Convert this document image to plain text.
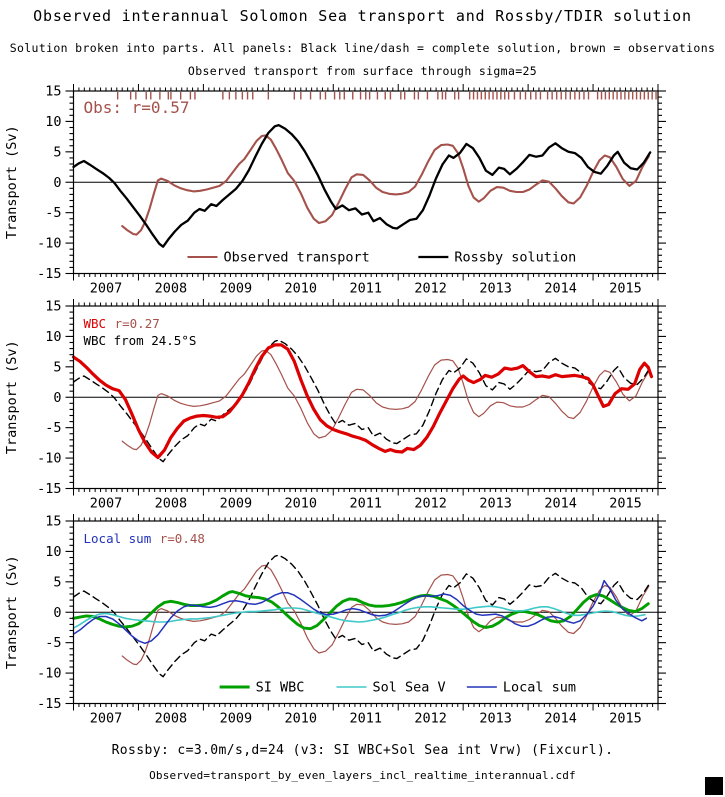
Observed interannual Solomon Sea transport and Rossby/TDIR solution
Solution broken into parts. All panels: Black line/dash = complete solution, brown = observations
Observed transport from surface through sigma=25
-15
-10
-5
0
5
10
15
2007 2008 2009 2010 2011 2012 2013 2014 2015
Transport (Sv)
Obs: r=0.57
Observed transport	Rossby solution
-15
-10
-5
0
5
10
15
2007 2008 2009 2010 2011 2012 2013 2014 2015
Transport (Sv)
WBC r=0.27
WBC from 24.5°S
-15
-10
-5
0
5
10
15
2007 2008 2009 2010 2011 2012 2013 2014 2015
Transport (Sv)
Local sum r=0.48
SI WBC	Sol Sea V	Local sum
Rossby: c=3.0m/s,d=24 (v3: SI WBC+Sol Sea int Vrw) (Fixcurl).
Observed=transport_by_even_layers_incl_realtime_interannual.cdf
